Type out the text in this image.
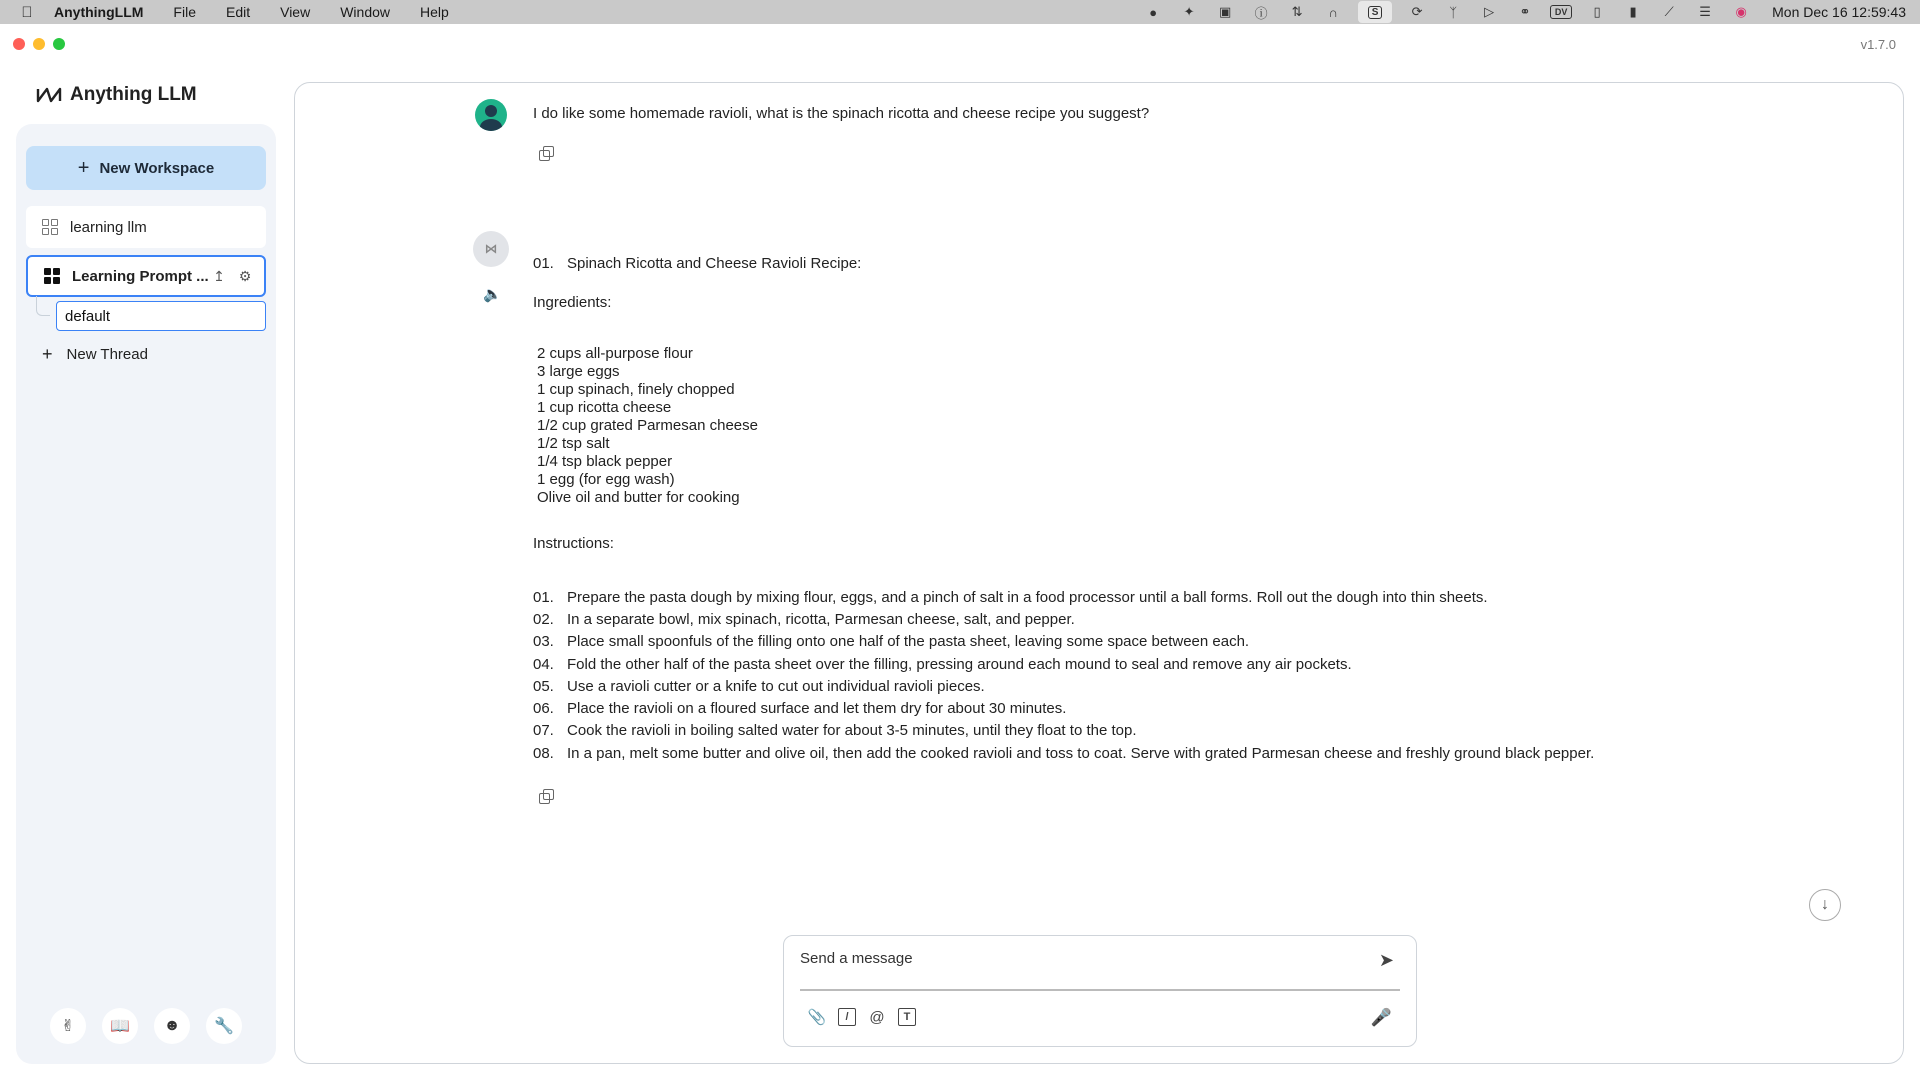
AnythingLLM File Edit View Window Help	●	✦	▣	ⓘ	⇅	∩	S	⟳	ᛉ	▷	⚭	DV	▯	▮	⟋	☰	◉	Mon Dec 16 12:59:43
v1.7.0
Anything LLM
+ New Workspace
learning llm
Learning Prompt ... ↥ ⚙
default
+ New Thread
✌	📖	☻	🔧
I do like some homemade ravioli, what is the spinach ricotta and cheese recipe you suggest?
⋈
🔈
01. Spinach Ricotta and Cheese Ravioli Recipe:
Ingredients:
2 cups all-purpose flour
3 large eggs
1 cup spinach, finely chopped
1 cup ricotta cheese
1/2 cup grated Parmesan cheese
1/2 tsp salt
1/4 tsp black pepper
1 egg (for egg wash)
Olive oil and butter for cooking
Instructions:
01. Prepare the pasta dough by mixing flour, eggs, and a pinch of salt in a food processor until a ball forms. Roll out the dough into thin sheets.
02. In a separate bowl, mix spinach, ricotta, Parmesan cheese, salt, and pepper.
03. Place small spoonfuls of the filling onto one half of the pasta sheet, leaving some space between each.
04. Fold the other half of the pasta sheet over the filling, pressing around each mound to seal and remove any air pockets.
05. Use a ravioli cutter or a knife to cut out individual ravioli pieces.
06. Place the ravioli on a floured surface and let them dry for about 30 minutes.
07. Cook the ravioli in boiling salted water for about 3-5 minutes, until they float to the top.
08. In a pan, melt some butter and olive oil, then add the cooked ravioli and toss to coat. Serve with grated Parmesan cheese and freshly ground black pepper.
↓
Send a message
➤
📎	/	@	T	🎤
